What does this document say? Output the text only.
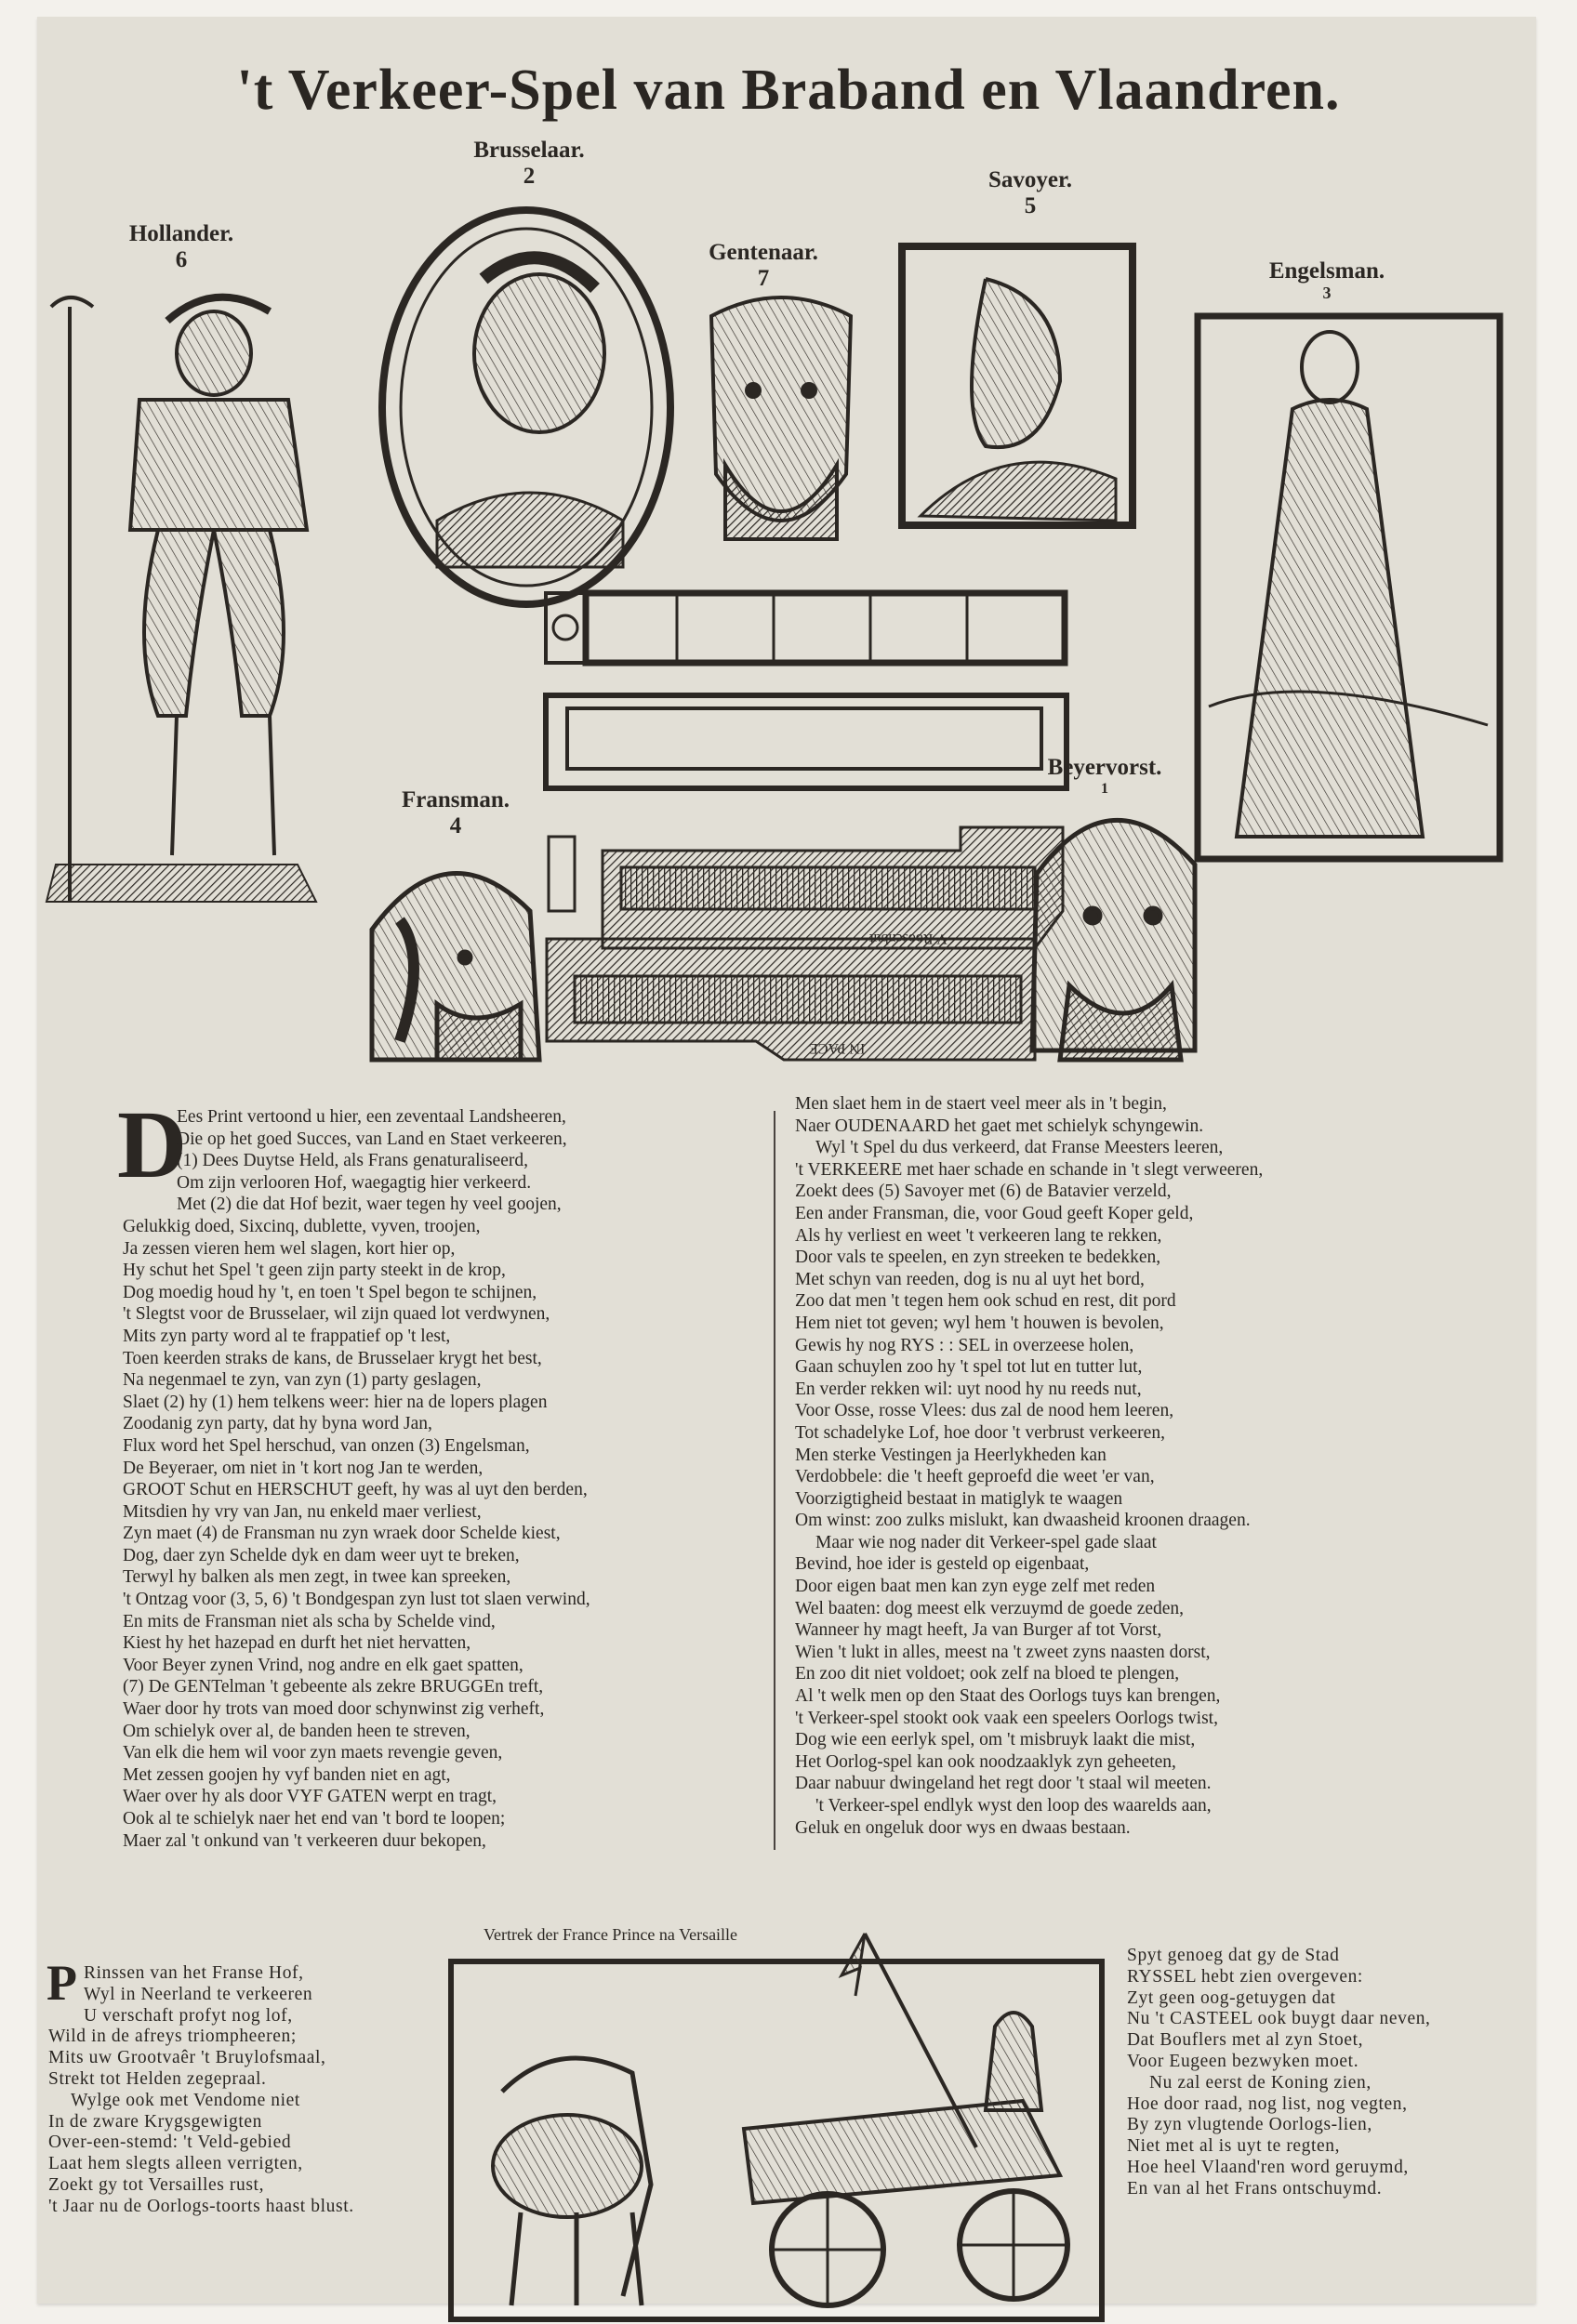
't Verkeer-Spel van Braband en Vlaandren.
Hollander.
6
Brusselaar.
2
Gentenaar.
7
Savoyer.
5
Engelsman.
3
Fransman.
4
Beyervorst.
1
V Roosenbut
IN PACE
D
Ees Print vertoond u hier, een zeventaal Landsheeren,
Die op het goed Succes, van Land en Staet verkeeren,
(1) Dees Duytse Held, als Frans genaturaliseerd,
Om zijn verlooren Hof, waegagtig hier verkeerd.
Met (2) die dat Hof bezit, waer tegen hy veel goojen,
Gelukkig doed, Sixcinq, dublette, vyven, troojen,
Ja zessen vieren hem wel slagen, kort hier op,
Hy schut het Spel 't geen zijn party steekt in de krop,
Dog moedig houd hy 't, en toen 't Spel begon te schijnen,
't Slegtst voor de Brusselaer, wil zijn quaed lot verdwynen,
Mits zyn party word al te frappatief op 't lest,
Toen keerden straks de kans, de Brusselaer krygt het best,
Na negenmael te zyn, van zyn (1) party geslagen,
Slaet (2) hy (1) hem telkens weer: hier na de lopers plagen
Zoodanig zyn party, dat hy byna word Jan,
Flux word het Spel herschud, van onzen (3) Engelsman,
De Beyeraer, om niet in 't kort nog Jan te werden,
GROOT Schut en HERSCHUT geeft, hy was al uyt den berden,
Mitsdien hy vry van Jan, nu enkeld maer verliest,
Zyn maet (4) de Fransman nu zyn wraek door Schelde kiest,
Dog, daer zyn Schelde dyk en dam weer uyt te breken,
Terwyl hy balken als men zegt, in twee kan spreeken,
't Ontzag voor (3, 5, 6) 't Bondgespan zyn lust tot slaen verwind,
En mits de Fransman niet als scha by Schelde vind,
Kiest hy het hazepad en durft het niet hervatten,
Voor Beyer zynen Vrind, nog andre en elk gaet spatten,
(7) De GENTelman 't gebeente als zekre BRUGGEn treft,
Waer door hy trots van moed door schynwinst zig verheft,
Om schielyk over al, de banden heen te streven,
Van elk die hem wil voor zyn maets revengie geven,
Met zessen goojen hy vyf banden niet en agt,
Waer over hy als door VYF GATEN werpt en tragt,
Ook al te schielyk naer het end van 't bord te loopen;
Maer zal 't onkund van 't verkeeren duur bekopen,
Men slaet hem in de staert veel meer als in 't begin,
Naer OUDENAARD het gaet met schielyk schyngewin.
Wyl 't Spel du dus verkeerd, dat Franse Meesters leeren,
't VERKEERE met haer schade en schande in 't slegt verweeren,
Zoekt dees (5) Savoyer met (6) de Batavier verzeld,
Een ander Fransman, die, voor Goud geeft Koper geld,
Als hy verliest en weet 't verkeeren lang te rekken,
Door vals te speelen, en zyn streeken te bedekken,
Met schyn van reeden, dog is nu al uyt het bord,
Zoo dat men 't tegen hem ook schud en rest, dit pord
Hem niet tot geven; wyl hem 't houwen is bevolen,
Gewis hy nog RYS : : SEL in overzeese holen,
Gaan schuylen zoo hy 't spel tot lut en tutter lut,
En verder rekken wil: uyt nood hy nu reeds nut,
Voor Osse, rosse Vlees: dus zal de nood hem leeren,
Tot schadelyke Lof, hoe door 't verbrust verkeeren,
Men sterke Vestingen ja Heerlykheden kan
Verdobbele: die 't heeft geproefd die weet 'er van,
Voorzigtigheid bestaat in matiglyk te waagen
Om winst: zoo zulks mislukt, kan dwaasheid kroonen draagen.
Maar wie nog nader dit Verkeer-spel gade slaat
Bevind, hoe ider is gesteld op eigenbaat,
Door eigen baat men kan zyn eyge zelf met reden
Wel baaten: dog meest elk verzuymd de goede zeden,
Wanneer hy magt heeft, Ja van Burger af tot Vorst,
Wien 't lukt in alles, meest na 't zweet zyns naasten dorst,
En zoo dit niet voldoet; ook zelf na bloed te plengen,
Al 't welk men op den Staat des Oorlogs tuys kan brengen,
't Verkeer-spel stookt ook vaak een speelers Oorlogs twist,
Dog wie een eerlyk spel, om 't misbruyk laakt die mist,
Het Oorlog-spel kan ook noodzaaklyk zyn geheeten,
Daar nabuur dwingeland het regt door 't staal wil meeten.
't Verkeer-spel endlyk wyst den loop des waarelds aan,
Geluk en ongeluk door wys en dwaas bestaan.
P Rinssen van het Franse Hof,
Wyl in Neerland te verkeeren
U verschaft profyt nog lof,
Wild in de afreys triompheeren;
Mits uw Grootvaêr 't Bruylofsmaal,
Strekt tot Helden zegepraal.
Wylge ook met Vendome niet
In de zware Krygsgewigten
Over-een-stemd: 't Veld-gebied
Laat hem slegts alleen verrigten,
Zoekt gy tot Versailles rust,
't Jaar nu de Oorlogs-toorts haast blust.
Vertrek der France Prince na Versaille
Spyt genoeg dat gy de Stad
RYSSEL hebt zien overgeven:
Zyt geen oog-getuygen dat
Nu 't CASTEEL ook buygt daar neven,
Dat Bouflers met al zyn Stoet,
Voor Eugeen bezwyken moet.
Nu zal eerst de Koning zien,
Hoe door raad, nog list, nog vegten,
By zyn vlugtende Oorlogs-lien,
Niet met al is uyt te regten,
Hoe heel Vlaand'ren word geruymd,
En van al het Frans ontschuymd.
